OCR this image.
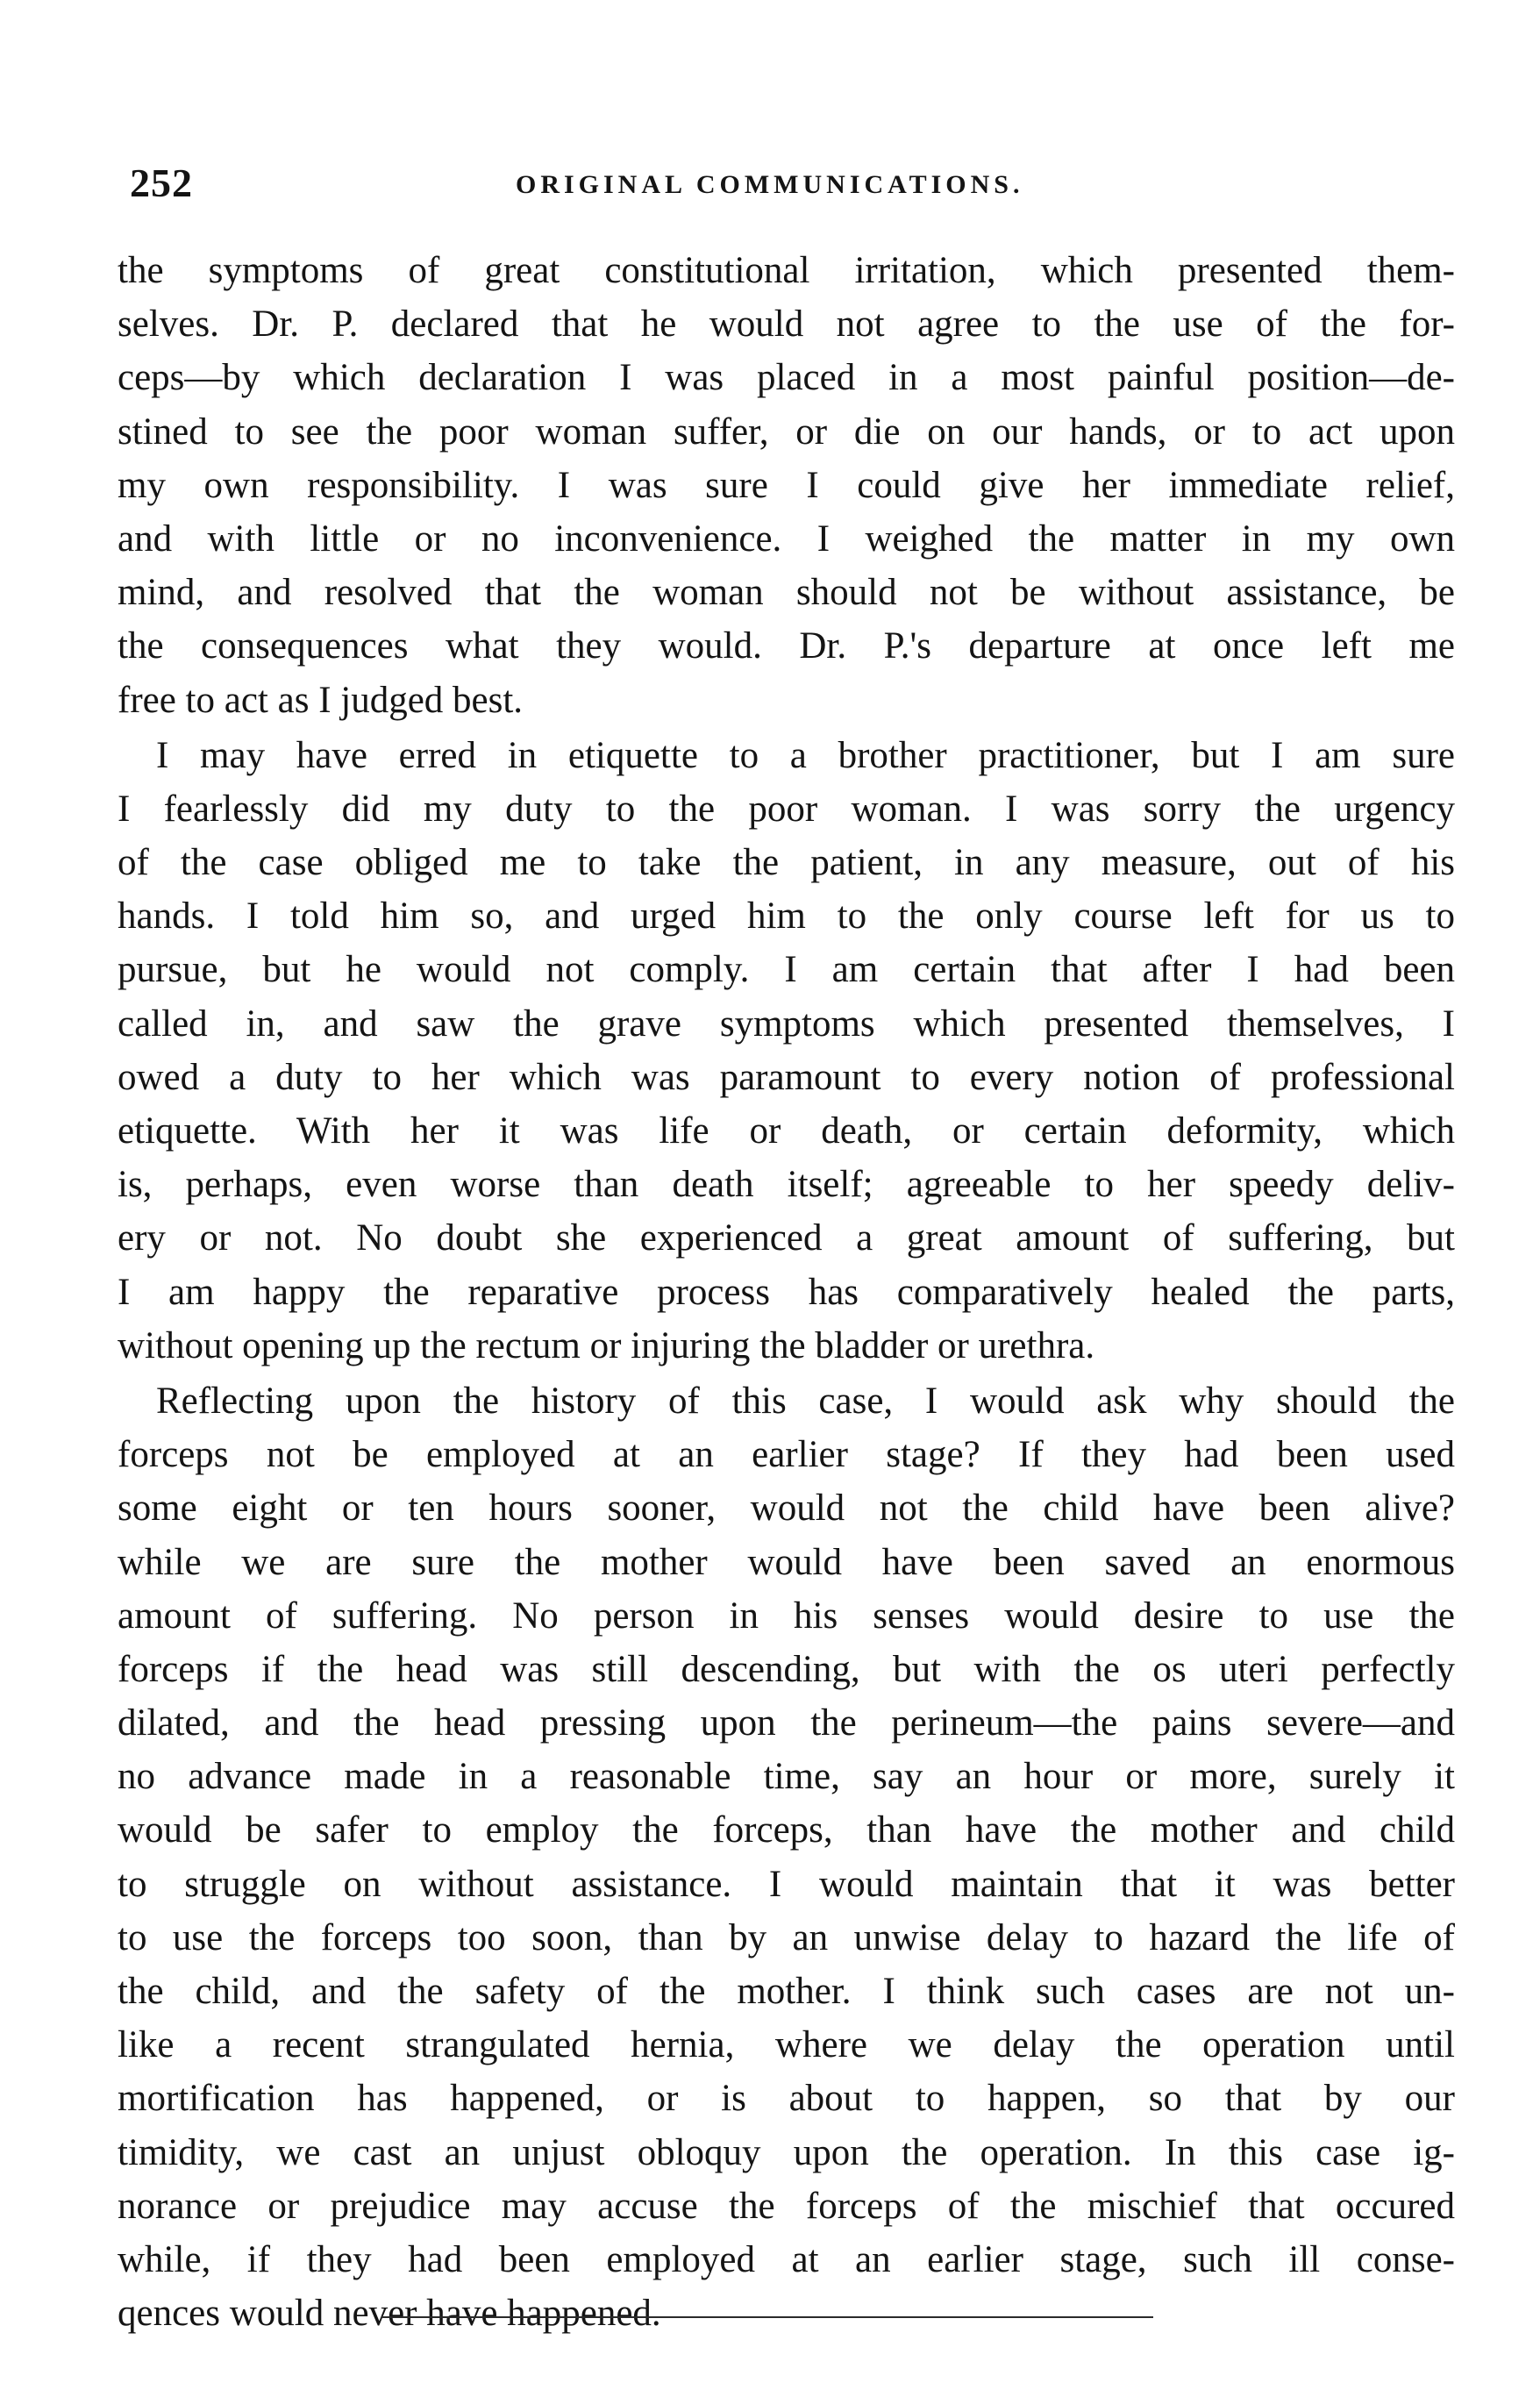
252	ORIGINAL COMMUNICATIONS.
the symptoms of great constitutional irritation, which presented them-
selves. Dr. P. declared that he would not agree to the use of the for-
ceps—by which declaration I was placed in a most painful position—de-
stined to see the poor woman suffer, or die on our hands, or to act upon
my own responsibility. I was sure I could give her immediate relief,
and with little or no inconvenience. I weighed the matter in my own
mind, and resolved that the woman should not be without assistance, be
the consequences what they would. Dr. P.'s departure at once left me
free to act as I judged best.
I may have erred in etiquette to a brother practitioner, but I am sure
I fearlessly did my duty to the poor woman. I was sorry the urgency
of the case obliged me to take the patient, in any measure, out of his
hands. I told him so, and urged him to the only course left for us to
pursue, but he would not comply. I am certain that after I had been
called in, and saw the grave symptoms which presented themselves, I
owed a duty to her which was paramount to every notion of professional
etiquette. With her it was life or death, or certain deformity, which
is, perhaps, even worse than death itself; agreeable to her speedy deliv-
ery or not. No doubt she experienced a great amount of suffering, but
I am happy the reparative process has comparatively healed the parts,
without opening up the rectum or injuring the bladder or urethra.
Reflecting upon the history of this case, I would ask why should the
forceps not be employed at an earlier stage? If they had been used
some eight or ten hours sooner, would not the child have been alive?
while we are sure the mother would have been saved an enormous
amount of suffering. No person in his senses would desire to use the
forceps if the head was still descending, but with the os uteri perfectly
dilated, and the head pressing upon the perineum—the pains severe—and
no advance made in a reasonable time, say an hour or more, surely it
would be safer to employ the forceps, than have the mother and child
to struggle on without assistance. I would maintain that it was better
to use the forceps too soon, than by an unwise delay to hazard the life of
the child, and the safety of the mother. I think such cases are not un-
like a recent strangulated hernia, where we delay the operation until
mortification has happened, or is about to happen, so that by our
timidity, we cast an unjust obloquy upon the operation. In this case ig-
norance or prejudice may accuse the forceps of the mischief that occured
while, if they had been employed at an earlier stage, such ill conse-
qences would never have happened.
